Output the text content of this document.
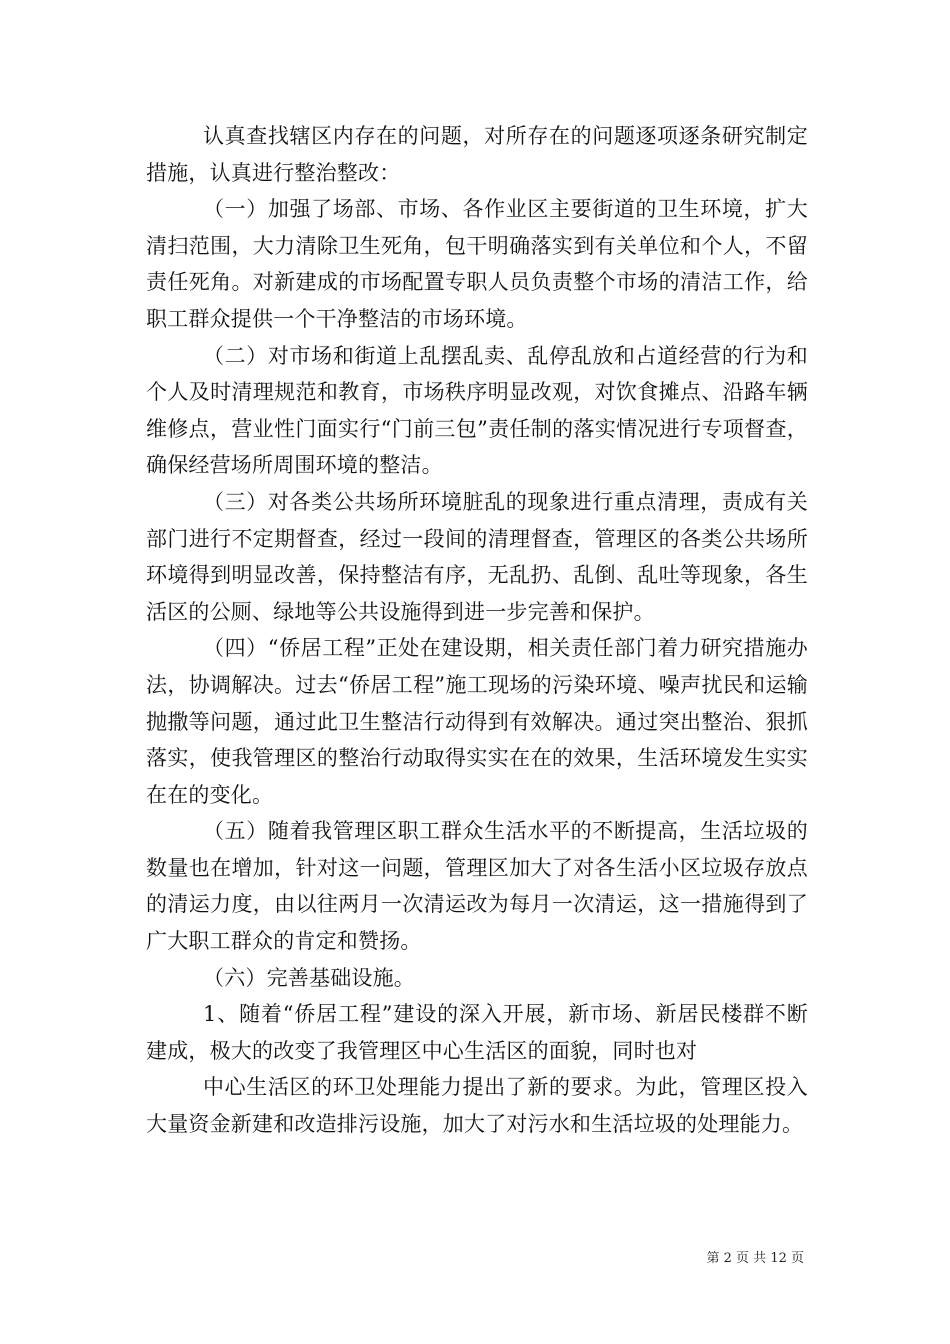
认真查找辖区内存在的问题，对所存在的问题逐项逐条研究制定措施，认真进行整治整改：

（一）加强了场部、市场、各作业区主要街道的卫生环境，扩大清扫范围，大力清除卫生死角，包干明确落实到有关单位和个人，不留责任死角。对新建成的市场配置专职人员负责整个市场的清洁工作，给职工群众提供一个干净整洁的市场环境。

（二）对市场和街道上乱摆乱卖、乱停乱放和占道经营的行为和个人及时清理规范和教育，市场秩序明显改观，对饮食摊点、沿路车辆维修点，营业性门面实行“门前三包”责任制的落实情况进行专项督查，确保经营场所周围环境的整洁。

（三）对各类公共场所环境脏乱的现象进行重点清理，责成有关部门进行不定期督查，经过一段间的清理督查，管理区的各类公共场所环境得到明显改善，保持整洁有序，无乱扔、乱倒、乱吐等现象，各生活区的公厕、绿地等公共设施得到进一步完善和保护。

（四）“侨居工程”正处在建设期，相关责任部门着力研究措施办法，协调解决。过去“侨居工程”施工现场的污染环境、噪声扰民和运输抛撒等问题，通过此卫生整洁行动得到有效解决。通过突出整治、狠抓落实，使我管理区的整治行动取得实实在在的效果，生活环境发生实实在在的变化。

（五）随着我管理区职工群众生活水平的不断提高，生活垃圾的数量也在增加，针对这一问题，管理区加大了对各生活小区垃圾存放点的清运力度，由以往两月一次清运改为每月一次清运，这一措施得到了广大职工群众的肯定和赞扬。

（六）完善基础设施。

1、随着“侨居工程”建设的深入开展，新市场、新居民楼群不断建成，极大的改变了我管理区中心生活区的面貌，同时也对

中心生活区的环卫处理能力提出了新的要求。为此，管理区投入大量资金新建和改造排污设施，加大了对污水和生活垃圾的处理能力。

第 2 页 共 12 页
